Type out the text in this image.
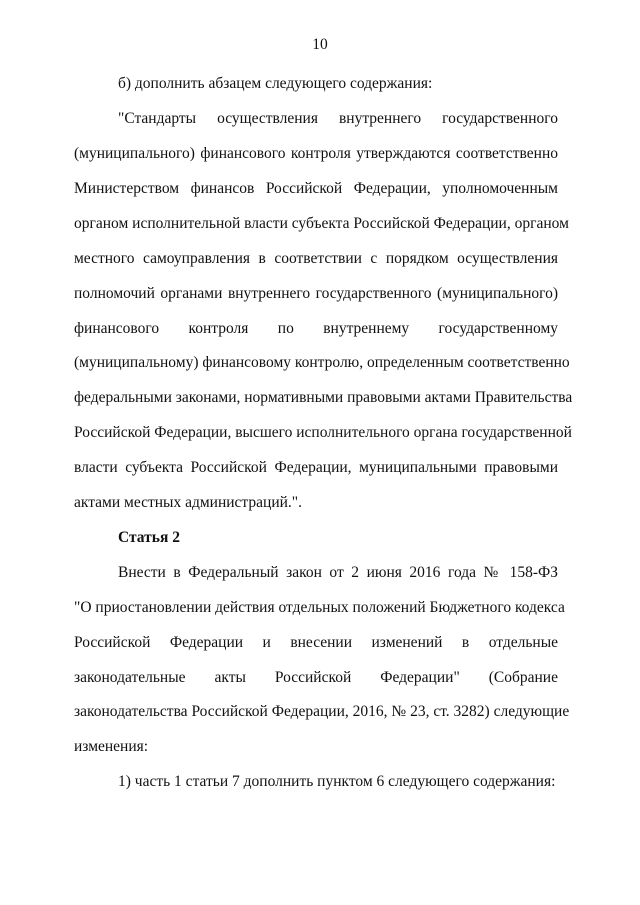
10
б) дополнить абзацем следующего содержания:
"Стандарты осуществления внутреннего государственного
(муниципального) финансового контроля утверждаются соответственно
Министерством финансов Российской Федерации, уполномоченным
органом исполнительной власти субъекта Российской Федерации, органом
местного самоуправления в соответствии с порядком осуществления
полномочий органами внутреннего государственного (муниципального)
финансового контроля по внутреннему государственному
(муниципальному) финансовому контролю, определенным соответственно
федеральными законами, нормативными правовыми актами Правительства
Российской Федерации, высшего исполнительного органа государственной
власти субъекта Российской Федерации, муниципальными правовыми
актами местных администраций.".
Статья 2
Внести в Федеральный закон от 2 июня 2016 года № 158-ФЗ
"О приостановлении действия отдельных положений Бюджетного кодекса
Российской Федерации и внесении изменений в отдельные
законодательные акты Российской Федерации" (Собрание
законодательства Российской Федерации, 2016, № 23, ст. 3282) следующие
изменения:
1) часть 1 статьи 7 дополнить пунктом 6 следующего содержания:
